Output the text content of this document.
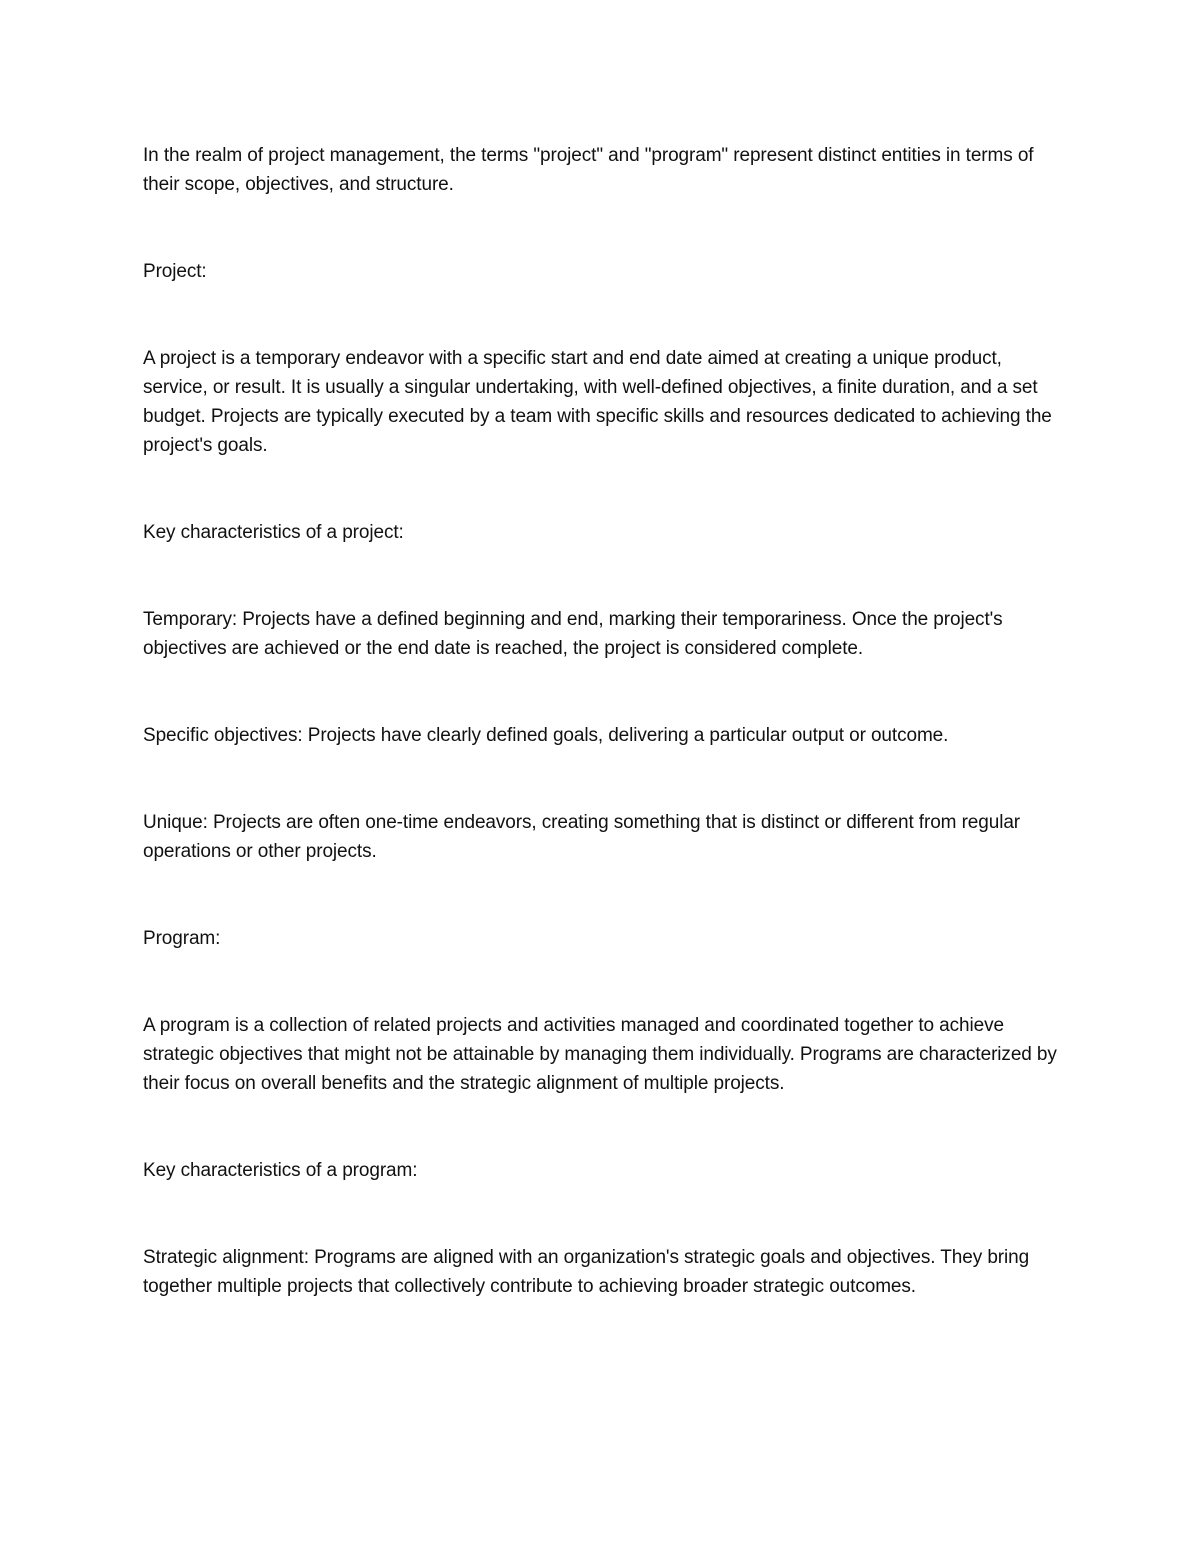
In the realm of project management, the terms "project" and "program" represent distinct entities in terms of their scope, objectives, and structure.

Project:

A project is a temporary endeavor with a specific start and end date aimed at creating a unique product, service, or result. It is usually a singular undertaking, with well-defined objectives, a finite duration, and a set budget. Projects are typically executed by a team with specific skills and resources dedicated to achieving the project's goals.

Key characteristics of a project:

Temporary: Projects have a defined beginning and end, marking their temporariness. Once the project's objectives are achieved or the end date is reached, the project is considered complete.

Specific objectives: Projects have clearly defined goals, delivering a particular output or outcome.

Unique: Projects are often one-time endeavors, creating something that is distinct or different from regular operations or other projects.

Program:

A program is a collection of related projects and activities managed and coordinated together to achieve strategic objectives that might not be attainable by managing them individually. Programs are characterized by their focus on overall benefits and the strategic alignment of multiple projects.

Key characteristics of a program:

Strategic alignment: Programs are aligned with an organization's strategic goals and objectives. They bring together multiple projects that collectively contribute to achieving broader strategic outcomes.
